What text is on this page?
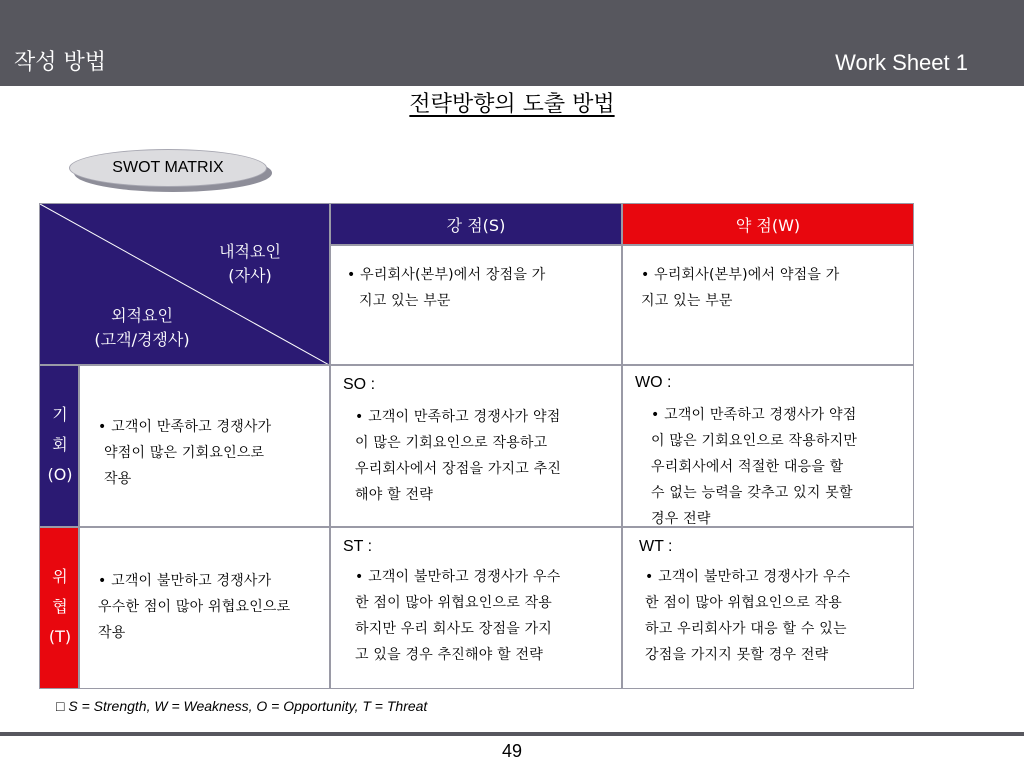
작성 방법	Work Sheet 1
전략방향의 도출 방법
SWOT MATRIX
내적요인
(자사)
외적요인
(고객/경쟁사)
강 점(S)	약 점(W)
• 우리회사(본부)에서 장점을 가
지고 있는 부문
• 우리회사(본부)에서 약점을 가
지고 있는 부문
기
회
(O)
• 고객이 만족하고 경쟁사가
약점이 많은 기회요인으로
작용
SO :
• 고객이 만족하고 경쟁사가 약점
이 많은 기회요인으로 작용하고
우리회사에서 장점을 가지고 추진
해야 할 전략
WO :
• 고객이 만족하고 경쟁사가 약점
이 많은 기회요인으로 작용하지만
우리회사에서 적절한 대응을 할
수 없는 능력을 갖추고 있지 못할
경우 전략
위
협
(T)
• 고객이 불만하고 경쟁사가
우수한 점이 많아 위협요인으로
작용
ST :
• 고객이 불만하고 경쟁사가 우수
한 점이 많아 위협요인으로 작용
하지만 우리 회사도 장점을 가지
고 있을 경우 추진해야 할 전략
WT :
• 고객이 불만하고 경쟁사가 우수
한 점이 많아 위협요인으로 작용
하고 우리회사가 대응 할 수 있는
강점을 가지지 못할 경우 전략
□ S = Strength, W = Weakness, O = Opportunity, T = Threat
49
